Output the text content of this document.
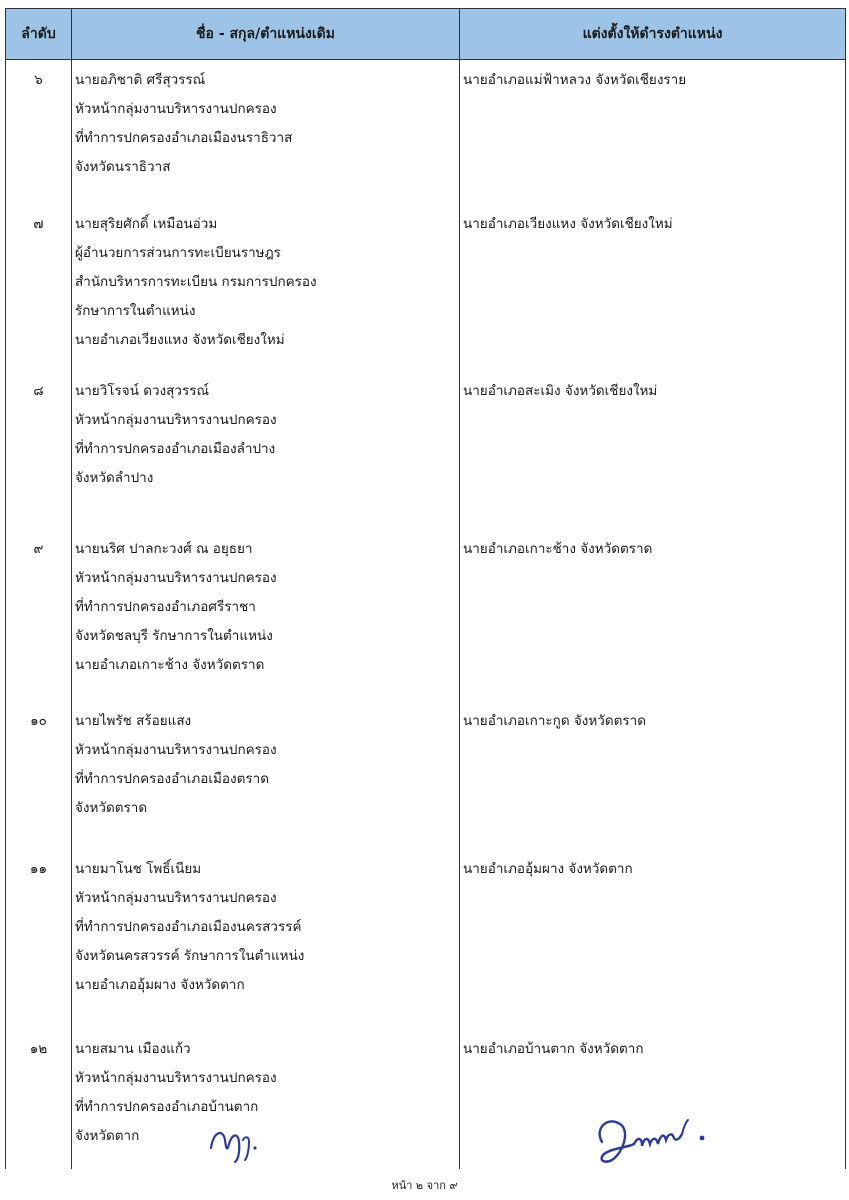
ลำดับ	ชื่อ - สกุล/ตำแหน่งเดิม	แต่งตั้งให้ดำรงตำแหน่ง
๖	นายอภิชาติ ศรีสุวรรณ์
หัวหน้ากลุ่มงานบริหารงานปกครอง
ที่ทำการปกครองอำเภอเมืองนราธิวาส
จังหวัดนราธิวาส	นายอำเภอแม่ฟ้าหลวง จังหวัดเชียงราย
๗	นายสุริยศักดิ์ เหมือนอ่วม
ผู้อำนวยการส่วนการทะเบียนราษฎร
สำนักบริหารการทะเบียน กรมการปกครอง
รักษาการในตำแหน่ง
นายอำเภอเวียงแหง จังหวัดเชียงใหม่	นายอำเภอเวียงแหง จังหวัดเชียงใหม่
๘	นายวิโรจน์ ดวงสุวรรณ์
หัวหน้ากลุ่มงานบริหารงานปกครอง
ที่ทำการปกครองอำเภอเมืองลำปาง
จังหวัดลำปาง	นายอำเภอสะเมิง จังหวัดเชียงใหม่
๙	นายนริศ ปาลกะวงศ์ ณ อยุธยา
หัวหน้ากลุ่มงานบริหารงานปกครอง
ที่ทำการปกครองอำเภอศรีราชา
จังหวัดชลบุรี รักษาการในตำแหน่ง
นายอำเภอเกาะช้าง จังหวัดตราด	นายอำเภอเกาะช้าง จังหวัดตราด
๑๐	นายไพรัช สร้อยแสง
หัวหน้ากลุ่มงานบริหารงานปกครอง
ที่ทำการปกครองอำเภอเมืองตราด
จังหวัดตราด	นายอำเภอเกาะกูด จังหวัดตราด
๑๑	นายมาโนช โพธิ์เนียม
หัวหน้ากลุ่มงานบริหารงานปกครอง
ที่ทำการปกครองอำเภอเมืองนครสวรรค์
จังหวัดนครสวรรค์ รักษาการในตำแหน่ง
นายอำเภออุ้มผาง จังหวัดตาก	นายอำเภออุ้มผาง จังหวัดตาก
๑๒	นายสมาน เมืองแก้ว
หัวหน้ากลุ่มงานบริหารงานปกครอง
ที่ทำการปกครองอำเภอบ้านตาก
จังหวัดตาก	นายอำเภอบ้านตาก จังหวัดตาก
หน้า ๒ จาก ๙
